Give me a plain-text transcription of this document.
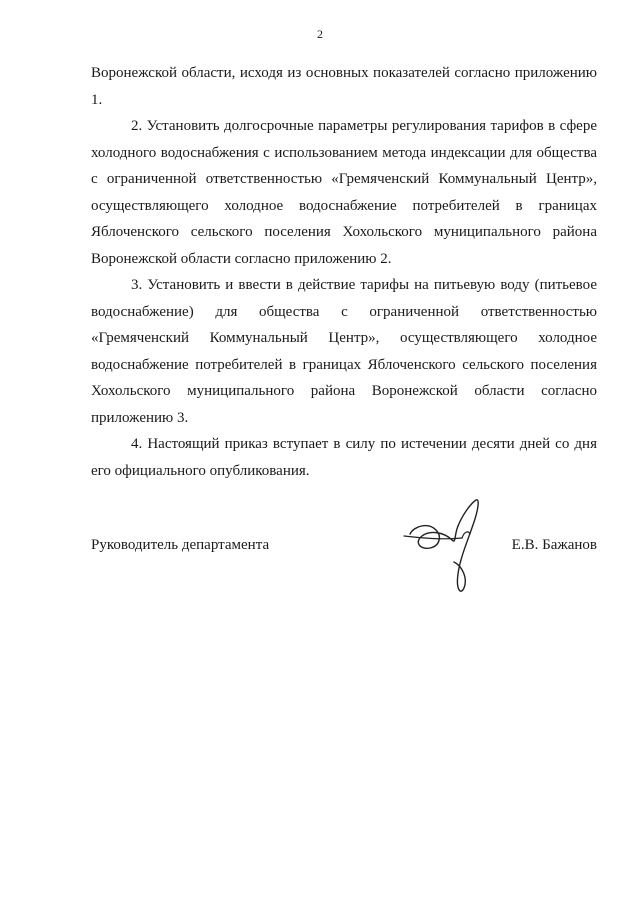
2

Воронежской области, исходя из основных показателей согласно приложению 1.

2. Установить долгосрочные параметры регулирования тарифов в сфере холодного водоснабжения с использованием метода индексации для общества с ограниченной ответственностью «Гремяченский Коммунальный Центр», осуществляющего холодное водоснабжение потребителей в границах Яблоченского сельского поселения Хохольского муниципального района Воронежской области согласно приложению 2.

3. Установить и ввести в действие тарифы на питьевую воду (питьевое водоснабжение) для общества с ограниченной ответственностью «Гремяченский Коммунальный Центр», осуществляющего холодное водоснабжение потребителей в границах Яблоченского сельского поселения Хохольского муниципального района Воронежской области согласно приложению 3.

4. Настоящий приказ вступает в силу по истечении десяти дней со дня его официального опубликования.

Руководитель департамента	Е.В. Бажанов
